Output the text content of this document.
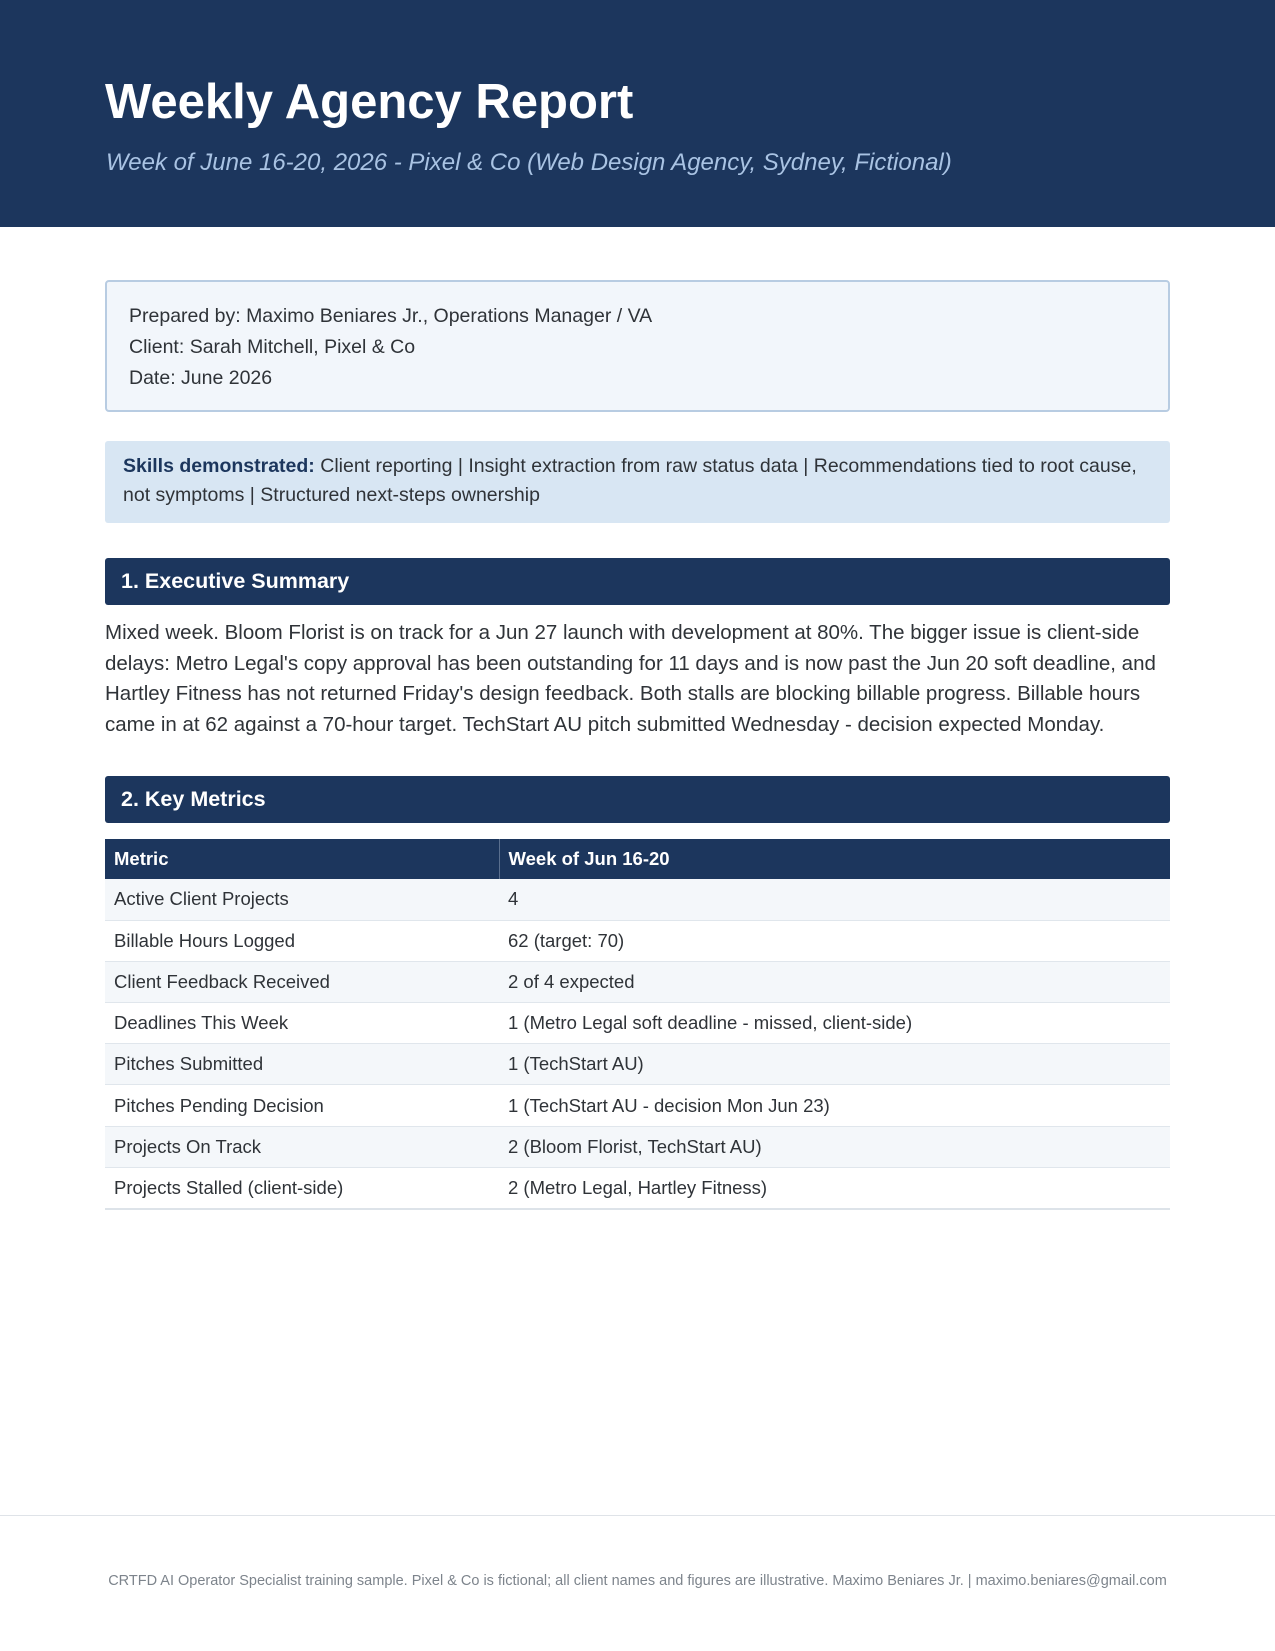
Weekly Agency Report
Week of June 16-20, 2026 - Pixel & Co (Web Design Agency, Sydney, Fictional)
Prepared by: Maximo Beniares Jr., Operations Manager / VA
Client: Sarah Mitchell, Pixel & Co
Date: June 2026
Skills demonstrated: Client reporting | Insight extraction from raw status data | Recommendations tied to root cause, not symptoms | Structured next-steps ownership
1. Executive Summary

Mixed week. Bloom Florist is on track for a Jun 27 launch with development at 80%. The bigger issue is client-side delays: Metro Legal's copy approval has been outstanding for 11 days and is now past the Jun 20 soft deadline, and Hartley Fitness has not returned Friday's design feedback. Both stalls are blocking billable progress. Billable hours came in at 62 against a 70-hour target. TechStart AU pitch submitted Wednesday - decision expected Monday.

2. Key Metrics
Metric	Week of Jun 16-20
Active Client Projects	4
Billable Hours Logged	62 (target: 70)
Client Feedback Received	2 of 4 expected
Deadlines This Week	1 (Metro Legal soft deadline - missed, client-side)
Pitches Submitted	1 (TechStart AU)
Pitches Pending Decision	1 (TechStart AU - decision Mon Jun 23)
Projects On Track	2 (Bloom Florist, TechStart AU)
Projects Stalled (client-side)	2 (Metro Legal, Hartley Fitness)
CRTFD AI Operator Specialist training sample. Pixel & Co is fictional; all client names and figures are illustrative. Maximo Beniares Jr. | maximo.beniares@gmail.com
